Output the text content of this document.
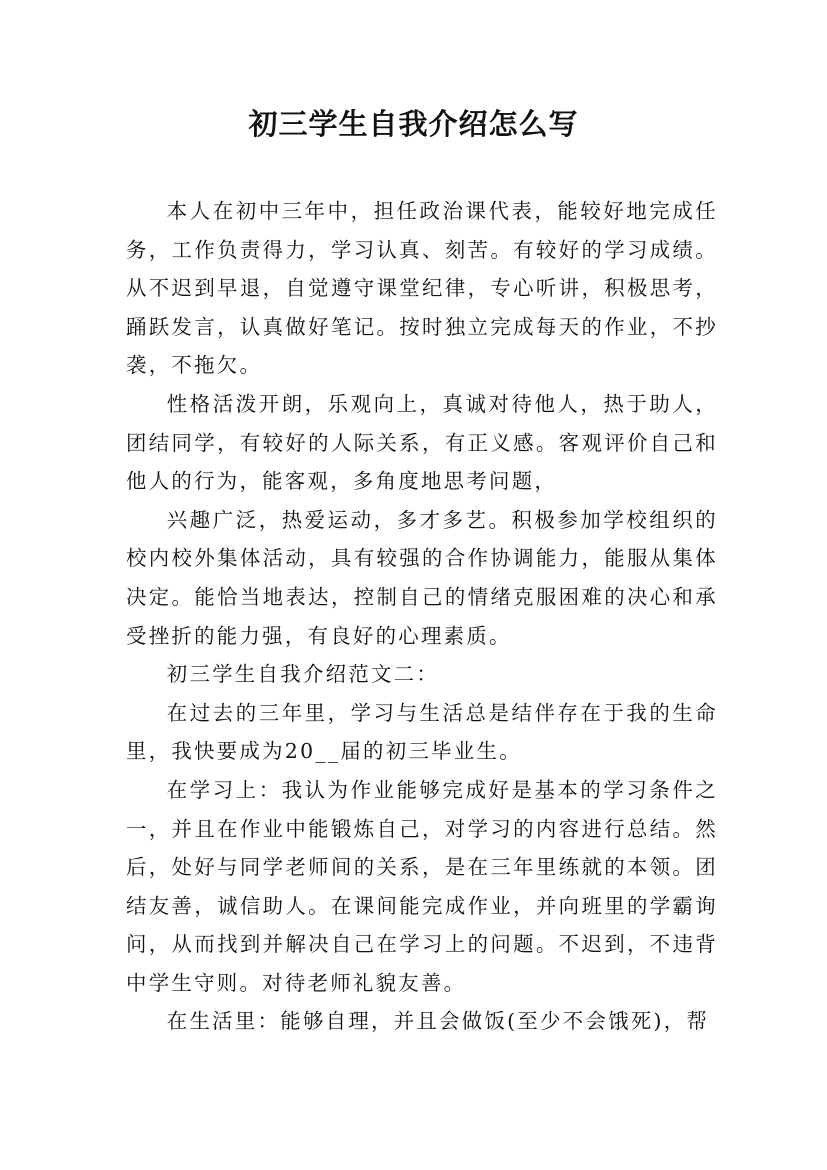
初三学生自我介绍怎么写

本人在初中三年中，担任政治课代表，能较好地完成任务，工作负责得力，学习认真、刻苦。有较好的学习成绩。从不迟到早退，自觉遵守课堂纪律，专心听讲，积极思考，踊跃发言，认真做好笔记。按时独立完成每天的作业，不抄袭，不拖欠。

性格活泼开朗，乐观向上，真诚对待他人，热于助人，团结同学，有较好的人际关系，有正义感。客观评价自己和他人的行为，能客观，多角度地思考问题，

兴趣广泛，热爱运动，多才多艺。积极参加学校组织的校内校外集体活动，具有较强的合作协调能力，能服从集体决定。能恰当地表达，控制自己的情绪克服困难的决心和承受挫折的能力强，有良好的心理素质。

初三学生自我介绍范文二：

在过去的三年里，学习与生活总是结伴存在于我的生命里，我快要成为20__届的初三毕业生。

在学习上：我认为作业能够完成好是基本的学习条件之一，并且在作业中能锻炼自己，对学习的内容进行总结。然后，处好与同学老师间的关系，是在三年里练就的本领。团结友善，诚信助人。在课间能完成作业，并向班里的学霸询问，从而找到并解决自己在学习上的问题。不迟到，不违背中学生守则。对待老师礼貌友善。

在生活里：能够自理，并且会做饭(至少不会饿死)，帮
